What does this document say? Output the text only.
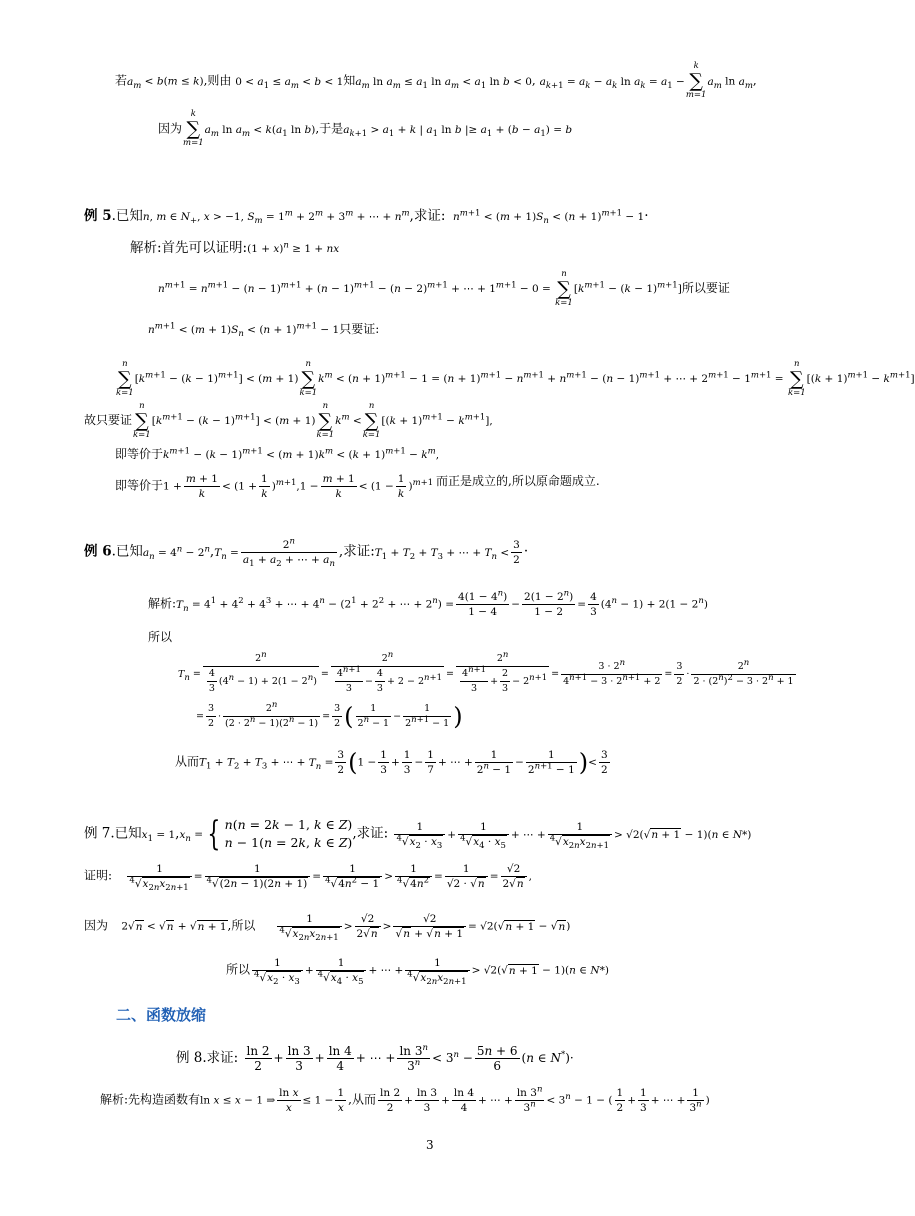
若$a_m < b(m \le k)$,则由 $0 < a_1 \le a_m < b < 1$知$a_m$ $\ln a_m \le a_1$ $\ln a_m < a_1$ ln b < 0, $a_{k+1} = a_k - a_k$ $\ln a_k = a_1$ −
k
∑
m=1
$a_m$ $\ln a_m$,
因为
k
∑
m=1
$a_m$ $\ln a_m < k(a_1$ ln b),于是$a_{k+1} > a_1 + k$ | $a_1$ ln b |≥ $a_1 + (b - a_1) = b$
例 5.已知n, m ∈ $N_+$, x > −1, $S_m = 1^m + 2^m + 3^m$ + ⋯ + $n^m$,求证: $n^{m+1} < (m + 1)S_n < (n + 1)^{m+1} - 1\cdot$
解析:首先可以证明:(1 + x)$^n$ ≥ 1 + nx
$n^{m+1} = n^{m+1} - (n - 1)^{m+1} + (n - 1)^{m+1} - (n - 2)^{m+1}$ + ⋯ + $1^{m+1} - 0$ =
n
∑
k=1
$[k^{m+1} - (k - 1)^{m+1}]$所以要证
$n^{m+1} < (m + 1)S_n < (n + 1)^{m+1} - 1$只要证:
n
∑
k=1
$[k^{m+1} - (k - 1)^{m+1}] < (m + 1)$
n
∑
k=1
$k^m < (n + 1)^{m+1} - 1 = (n + 1)^{m+1} - n^{m+1} + n^{m+1} - (n - 1)^{m+1}$ + ⋯ + $2^{m+1} - 1^{m+1}$ =
n
∑
k=1
$[(k + 1)^{m+1} - k^{m+1}]$
故只要证
n
∑
k=1
$[k^{m+1} - (k - 1)^{m+1}] < (m + 1)$
n
∑
k=1
$k^m$ <
n
∑
k=1
$[(k + 1)^{m+1} - k^{m+1}]$,
即等价于$k^{m+1} - (k - 1)^{m+1} < (m + 1)k^m < (k + 1)^{m+1} - k^m$,
即等价于$1 + \frac{m + 1}{k} < (1 + \frac{1}{k} )^{m+1},1 - \frac{m + 1}{k} < (1 - \frac{1}{k} )^{m+1}$ 而正是成立的,所以原命题成立.
例 6.已知$a_n = 4^n - 2^n,T_n = \frac{2^n}{a_1 + a_2 + \cdots + a_n}$ ,求证$:T_1 + T_2 + T_3$ + ⋯ + $T_n < \frac{3}{2}$ ·
解析$:T_n = 4^1 + 4^2 + 4^3$ + ⋯ + $4^n - (2^1 + 2^2$ + ⋯ + $2^n) = \frac{4(1 - 4^n)}{1 - 4} - \frac{2(1 - 2^n)}{1 - 2} = \frac{4}{3} (4^n - 1) + 2(1 - 2^n)$
所以
$T_n = \frac{2^n}{\frac{4}{3} (4^n - 1) + 2(1 - 2^n)} = \frac{2^n}{\frac{4^{n+1}}{3} - \frac{4}{3} + 2 - 2^{n+1}} = \frac{2^n}{\frac{4^{n+1}}{3} + \frac{2}{3} - 2^{n+1}} = \frac{3 \cdot 2^n}{4^{n+1} - 3 \cdot 2^{n+1} + 2} = \frac{3}{2} \cdot \frac{2^n}{2 \cdot (2^n)^2 - 3 \cdot 2^n + 1}$
= $\frac{3}{2} \cdot \frac{2^n}{(2 \cdot 2^n - 1)(2^n - 1)} = \frac{3}{2}$ ( $\frac{1}{2^n - 1} - \frac{1}{2^{n+1} - 1}$ )
从而$T_1 + T_2 + T_3$ + ⋯ + $T_n = \frac{3}{2} (1 - \frac{1}{3} + \frac{1}{3} - \frac{1}{7}$ + ⋯ + $\frac{1}{2^n - 1} - \frac{1}{2^{n+1} - 1}$ )< $\frac{3}{2}$
例 7.已知$x_1 = 1,x_n$ = { n(n = 2k − 1, k ∈ Z)
n − 1(n = 2k, k ∈ Z)
,求证: $\frac{1}{^4√x_2 \cdot x_3} + \frac{1}{^4√x_4 \cdot x_5}$ + ⋯ + $\frac{1}{^4√x_{2n}x_{2n+1}} > √2(√n + 1 - 1)(n$ ∈ N*)
证明: $\frac{1}{^4√x_{2n}x_{2n+1}} = \frac{1}{^4√(2n - 1)(2n + 1)} = \frac{1}{^4√4n^2 - 1} > \frac{1}{^4√4n^2} = \frac{1}{√2 \cdot √n} = \frac{√2}{2√n}$ ,
因为    2√n < √n + √n + 1,所以 $\frac{1}{^4√x_{2n}x_{2n+1}} > \frac{√2}{2√n} > \frac{√2}{√n + √n + 1} = √2(√n + 1 - √n)$
所以 $\frac{1}{^4√x_2 \cdot x_3} + \frac{1}{^4√x_4 \cdot x_5}$ + ⋯ + $\frac{1}{^4√x_{2n}x_{2n+1}} > √2(√n + 1 - 1)(n$ ∈ N*)
二、函数放缩
例 8.求证: $\frac{\ln 2}{2} + \frac{\ln 3}{3} + \frac{\ln 4}{4}$ + ⋯ + $\frac{\ln 3^n}{3^n} < 3^n - \frac{5n + 6}{6} (n$ ∈ N*)·
解析:先构造函数有ln x ≤ x − 1 ⇒ $\frac{\text{ln x}}{x} \le 1 - \frac{1}{x}$ ,从而 $\frac{\ln 2}{2} + \frac{\ln 3}{3} + \frac{\ln 4}{4}$ + ⋯ + $\frac{\ln 3^n}{3^n} < 3^n - 1$ − ( $\frac{1}{2} + \frac{1}{3}$ + ⋯ + $\frac{1}{3^n}$ )
3
